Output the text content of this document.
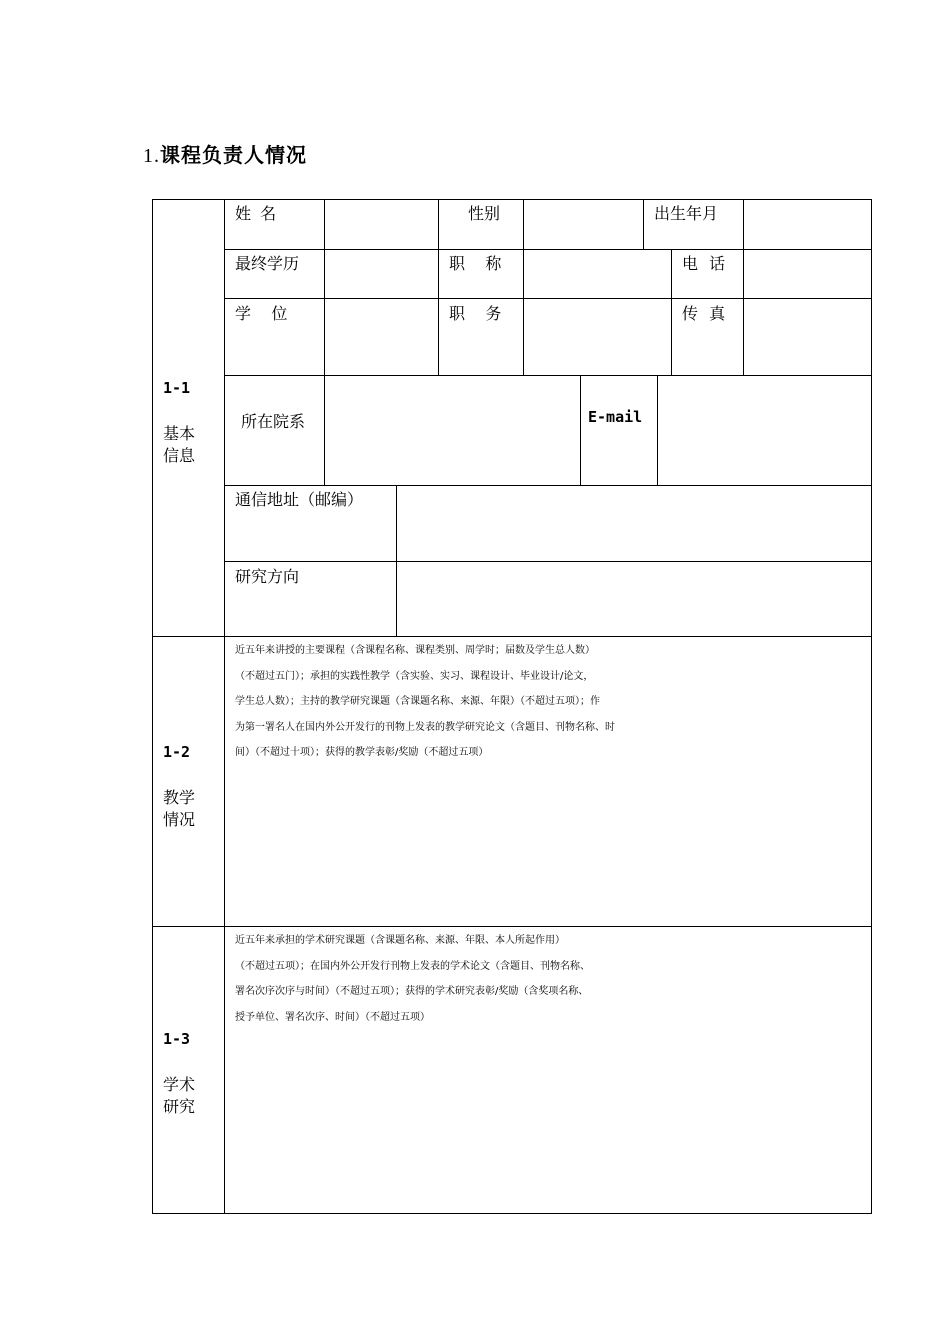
1.课程负责人情况
1-1
基本
信息
姓 名	性别	出生年月
最终学历	职    称	电 话
学    位	职    务	传 真
所在院系	E-mail
通信地址（邮编）
研究方向
1-2
教学
情况
近五年来讲授的主要课程（含课程名称、课程类别、周学时；届数及学生总人数）
（不超过五门）；承担的实践性教学（含实验、实习、课程设计、毕业设计/论文，
学生总人数）；主持的教学研究课题（含课题名称、来源、年限）（不超过五项）；作
为第一署名人在国内外公开发行的刊物上发表的教学研究论文（含题目、刊物名称、时
间）（不超过十项）；获得的教学表彰/奖励（不超过五项）
1-3
学术
研究
近五年来承担的学术研究课题（含课题名称、来源、年限、本人所起作用）
（不超过五项）；在国内外公开发行刊物上发表的学术论文（含题目、刊物名称、
署名次序次序与时间）（不超过五项）；获得的学术研究表彰/奖励（含奖项名称、
授予单位、署名次序、时间）（不超过五项）
